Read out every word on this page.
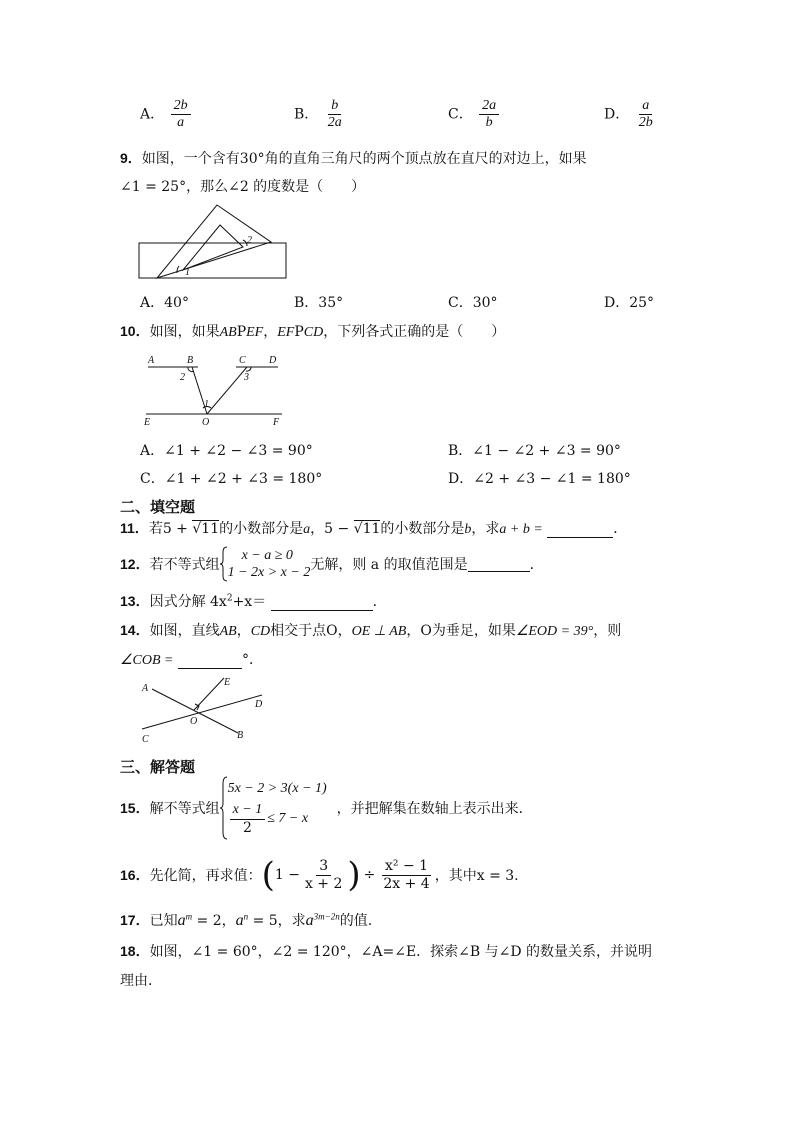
A． $\frac{2b}{a}$	B． $\frac{b}{2a}$	C． $\frac{2a}{b}$	D． $\frac{a}{2b}$
9．如图，一个含有30°角的直角三角尺的两个顶点放在直尺的对边上，如果
∠1 = 25°，那么∠2 的度数是（　　）
2
1
A．40°	B．35°	C．30°	D．25°
10．如图，如果ABPEF，EFPCD，下列各式正确的是（　　）
A	B	C D
2	3
1
E	O	F
A．∠1 + ∠2 − ∠3 = 90°	B．∠1 − ∠2 + ∠3 = 90°
C．∠1 + ∠2 + ∠3 = 180°	D．∠2 + ∠3 − ∠1 = 180°
二、填空题
11．若5 + √11的小数部分是a，5 − √11的小数部分是b，求a + b =	．
12． 若不等式组
x − a ≥ 0
1 − 2x > x − 2 无解，则 a 的取值范围是	．
13．因式分解 $4x^2+x=$	．
14．如图，直线AB，CD相交于点O，OE ⊥ AB，O为垂足，如果∠EOD = 39°，则
∠COB =	°．
A
E
D
O
C	B
三、解答题
15． 解不等式组
5x − 2 > 3(x − 1)
$\frac{x - 1}{2} \le 7 - x$
，并把解集在数轴上表示出来．
16． 先化简，再求值： ( $1 - \frac{3}{x + 2}$ ) ÷ $\frac{\text{x² − 1}}{2x + 4}$ ，其中x = 3.
17．已知$a^m = 2$，$a^n = 5$，求$a^{3m-2n}$的值.
18．如图，∠1 = 60°，∠2 = 120°，∠A=∠E．探索∠B 与∠D 的数量关系，并说明
理由．
